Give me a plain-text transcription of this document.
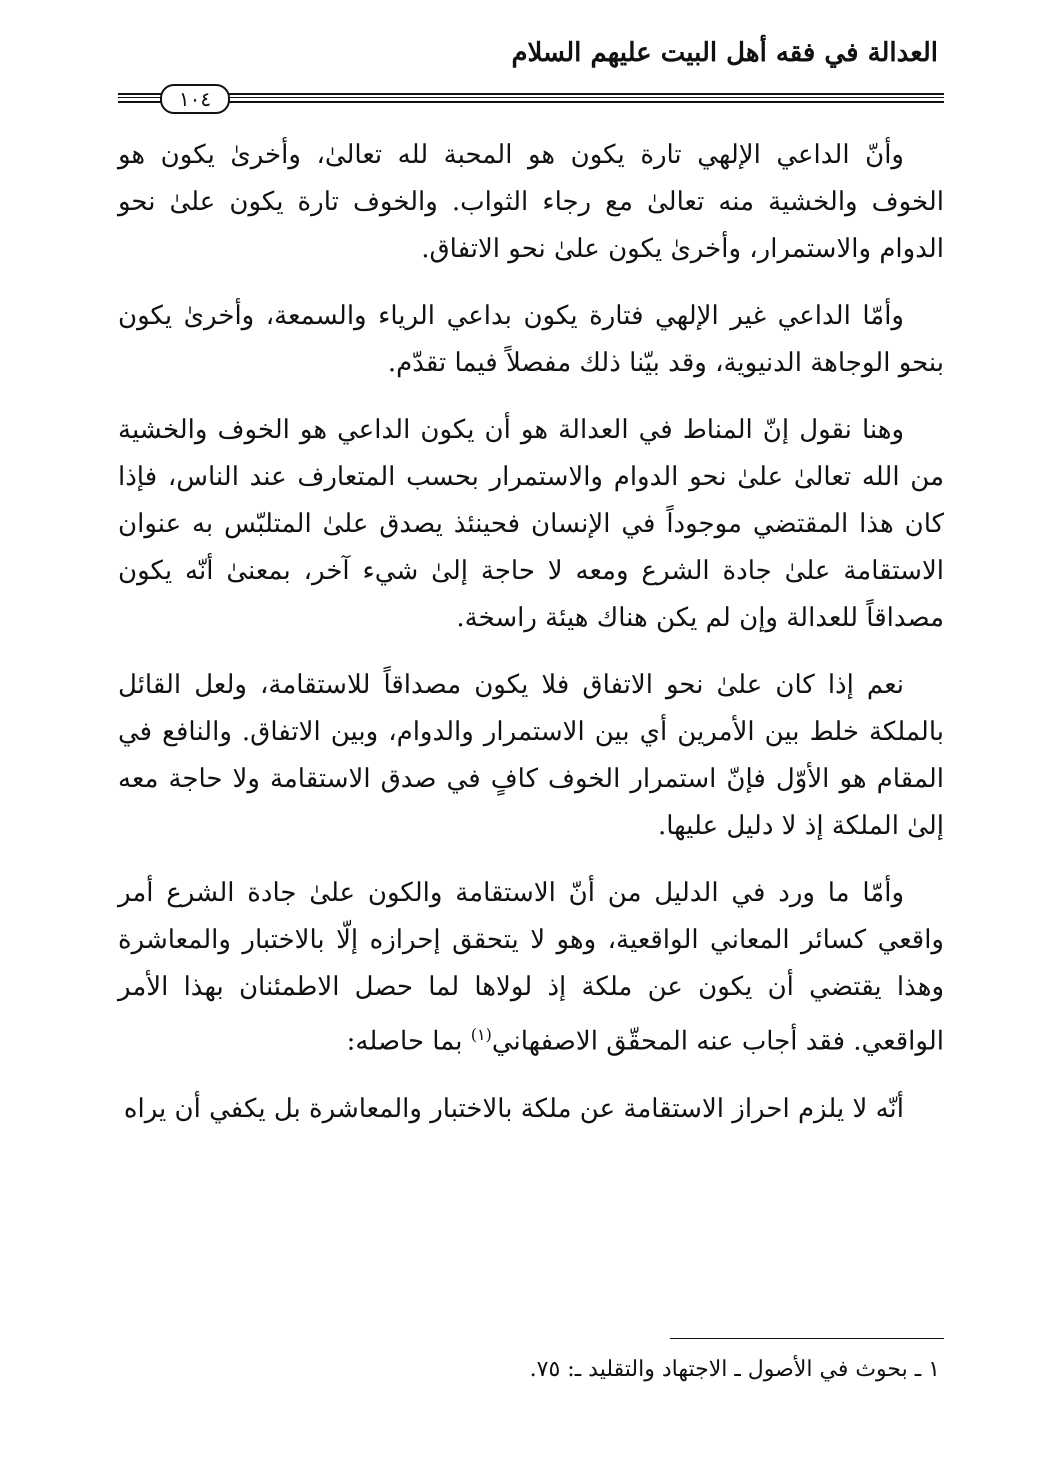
العدالة في فقه أهل البيت عليهم السلام
١٠٤

وأنّ الداعي الإلهي تارة يكون هو المحبة لله تعالىٰ، وأخرىٰ يكون هو الخوف والخشية منه تعالىٰ مع رجاء الثواب. والخوف تارة يكون علىٰ نحو الدوام والاستمرار، وأخرىٰ يكون علىٰ نحو الاتفاق.

وأمّا الداعي غير الإلهي فتارة يكون بداعي الرياء والسمعة، وأخرىٰ يكون بنحو الوجاهة الدنيوية، وقد بيّنا ذلك مفصلاً فيما تقدّم.

وهنا نقول إنّ المناط في العدالة هو أن يكون الداعي هو الخوف والخشية من الله تعالىٰ علىٰ نحو الدوام والاستمرار بحسب المتعارف عند الناس، فإذا كان هذا المقتضي موجوداً في الإنسان فحينئذ يصدق علىٰ المتلبّس به عنوان الاستقامة علىٰ جادة الشرع ومعه لا حاجة إلىٰ شيء آخر، بمعنىٰ أنّه يكون مصداقاً للعدالة وإن لم يكن هناك هيئة راسخة.

نعم إذا كان علىٰ نحو الاتفاق فلا يكون مصداقاً للاستقامة، ولعل القائل بالملكة خلط بين الأمرين أي بين الاستمرار والدوام، وبين الاتفاق. والنافع في المقام هو الأوّل فإنّ استمرار الخوف كافٍ في صدق الاستقامة ولا حاجة معه إلىٰ الملكة إذ لا دليل عليها.

وأمّا ما ورد في الدليل من أنّ الاستقامة والكون علىٰ جادة الشرع أمر واقعي كسائر المعاني الواقعية، وهو لا يتحقق إحرازه إلّا بالاختبار والمعاشرة وهذا يقتضي أن يكون عن ملكة إذ لولاها لما حصل الاطمئنان بهذا الأمر الواقعي. فقد أجاب عنه المحقّق الاصفهاني$^{(١)}$ بما حاصله:

أنّه لا يلزم احراز الاستقامة عن ملكة بالاختبار والمعاشرة بل يكفي أن يراه

١ ـ بحوث في الأصول ـ الاجتهاد والتقليد ـ: ٧٥.
